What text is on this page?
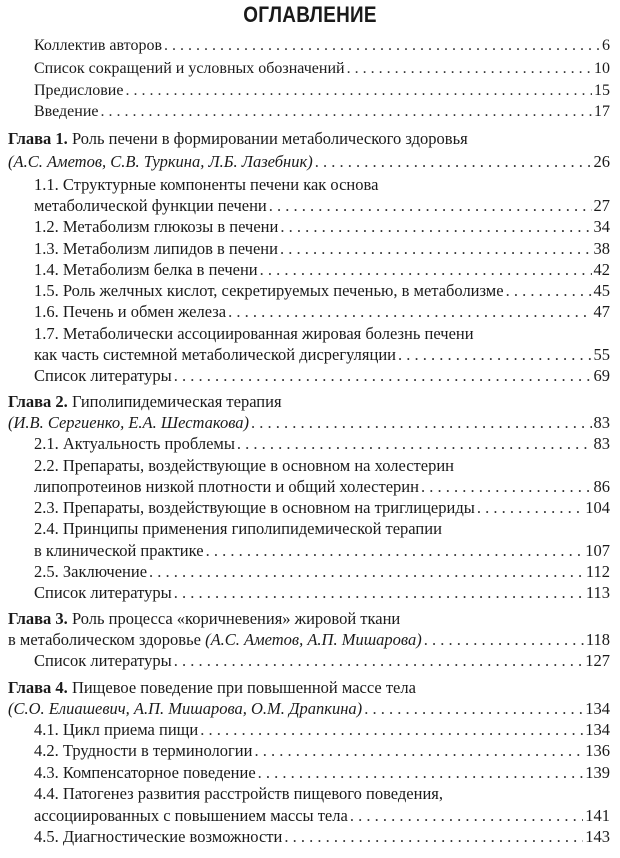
ОГЛАВЛЕНИЕ
Коллектив авторов . . .	6
Список сокращений и условных обозначений . . .	10
Предисловие . . .	15
Введение . . .	17
Глава 1. Роль печени в формировании метаболического здоровья
(А.С. Аметов, С.В. Туркина, Л.Б. Лазебник) . . .	26
1.1. Структурные компоненты печени как основа
метаболической функции печени . . .	27
1.2. Метаболизм глюкозы в печени . . .	34
1.3. Метаболизм липидов в печени . . .	38
1.4. Метаболизм белка в печени . . .	42
1.5. Роль желчных кислот, секретируемых печенью, в метаболизме . . .	45
1.6. Печень и обмен железа . . .	47
1.7. Метаболически ассоциированная жировая болезнь печени
как часть системной метаболической дисрегуляции . . .	55
Список литературы . . .	69
Глава 2. Гиполипидемическая терапия
(И.В. Сергиенко, Е.А. Шестакова) . . .	83
2.1. Актуальность проблемы . . .	83
2.2. Препараты, воздействующие в основном на холестерин
липопротеинов низкой плотности и общий холестерин . . .	86
2.3. Препараты, воздействующие в основном на триглицериды . . .	104
2.4. Принципы применения гиполипидемической терапии
в клинической практике . . .	107
2.5. Заключение . . .	112
Список литературы . . .	113
Глава 3. Роль процесса «коричневения» жировой ткани
в метаболическом здоровье (А.С. Аметов, А.П. Мишарова) . . .	118
Список литературы . . .	127
Глава 4. Пищевое поведение при повышенной массе тела
(С.О. Елиашевич, А.П. Мишарова, О.М. Драпкина) . . .	134
4.1. Цикл приема пищи . . .	134
4.2. Трудности в терминологии . . .	136
4.3. Компенсаторное поведение . . .	139
4.4. Патогенез развития расстройств пищевого поведения,
ассоциированных с повышением массы тела . . .	141
4.5. Диагностические возможности . . .	143
